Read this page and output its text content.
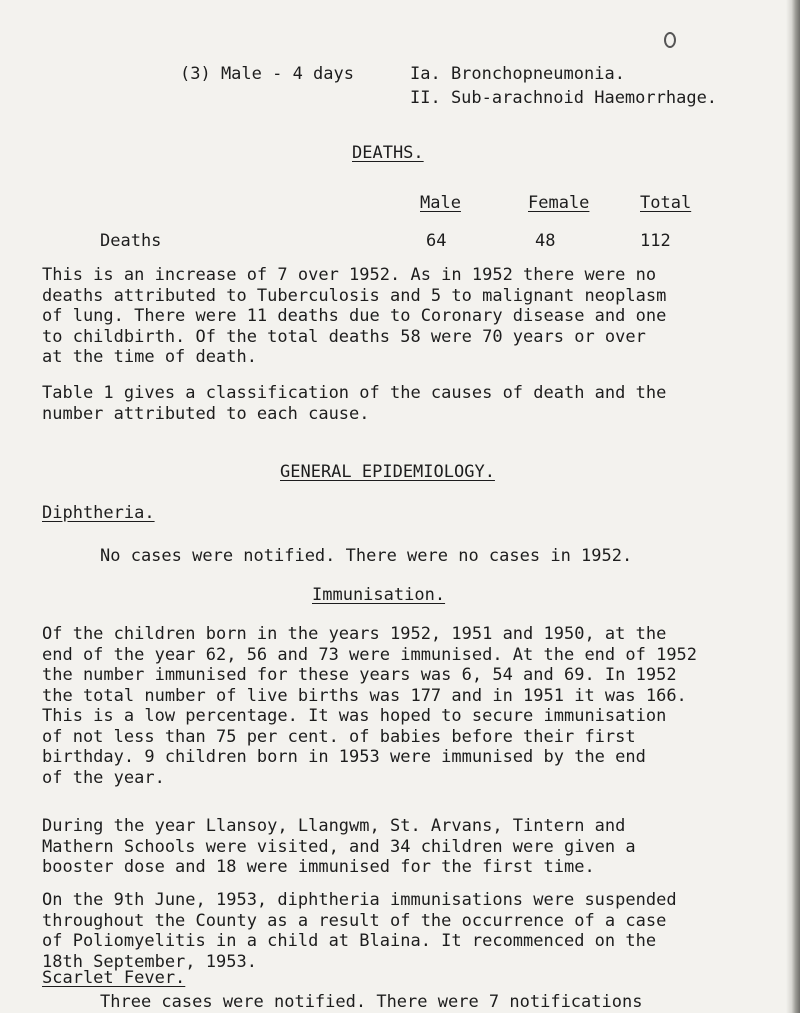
(3) Male - 4 days	Ia. Bronchopneumonia.
II. Sub-arachnoid Haemorrhage.
DEATHS.
Male	Female	Total
Deaths	64	48	112
This is an increase of 7 over 1952. As in 1952 there were no
deaths attributed to Tuberculosis and 5 to malignant neoplasm
of lung. There were 11 deaths due to Coronary disease and one
to childbirth. Of the total deaths 58 were 70 years or over
at the time of death.
Table 1 gives a classification of the causes of death and the
number attributed to each cause.
GENERAL EPIDEMIOLOGY.
Diphtheria.
No cases were notified. There were no cases in 1952.
Immunisation.
Of the children born in the years 1952, 1951 and 1950, at the
end of the year 62, 56 and 73 were immunised. At the end of 1952
the number immunised for these years was 6, 54 and 69. In 1952
the total number of live births was 177 and in 1951 it was 166.
This is a low percentage. It was hoped to secure immunisation
of not less than 75 per cent. of babies before their first
birthday. 9 children born in 1953 were immunised by the end
of the year.
During the year Llansoy, Llangwm, St. Arvans, Tintern and
Mathern Schools were visited, and 34 children were given a
booster dose and 18 were immunised for the first time.
On the 9th June, 1953, diphtheria immunisations were suspended
throughout the County as a result of the occurrence of a case
of Poliomyelitis in a child at Blaina. It recommenced on the
18th September, 1953.
Scarlet Fever.
Three cases were notified. There were 7 notifications
